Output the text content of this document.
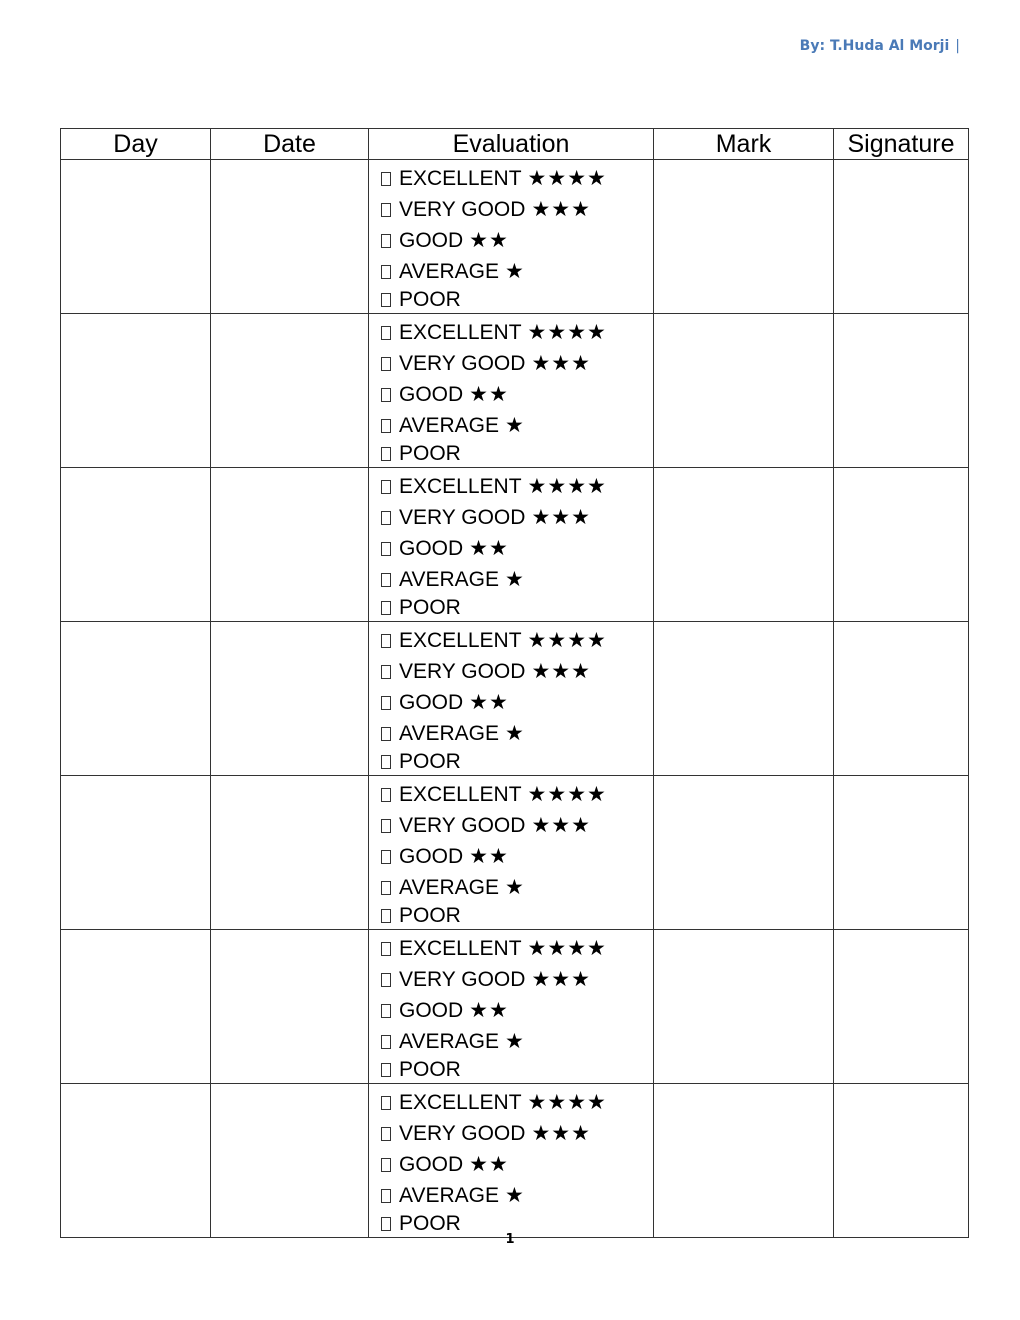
By: T.Huda Al Morji |
Day	Date	Evaluation	Mark	Signature

		EXCELLENT ★★★★
VERY GOOD ★★★
GOOD ★★
AVERAGE ★
POOR		

		EXCELLENT ★★★★
VERY GOOD ★★★
GOOD ★★
AVERAGE ★
POOR		

		EXCELLENT ★★★★
VERY GOOD ★★★
GOOD ★★
AVERAGE ★
POOR		

		EXCELLENT ★★★★
VERY GOOD ★★★
GOOD ★★
AVERAGE ★
POOR		

		EXCELLENT ★★★★
VERY GOOD ★★★
GOOD ★★
AVERAGE ★
POOR		

		EXCELLENT ★★★★
VERY GOOD ★★★
GOOD ★★
AVERAGE ★
POOR		

		EXCELLENT ★★★★
VERY GOOD ★★★
GOOD ★★
AVERAGE ★
POOR		

1
